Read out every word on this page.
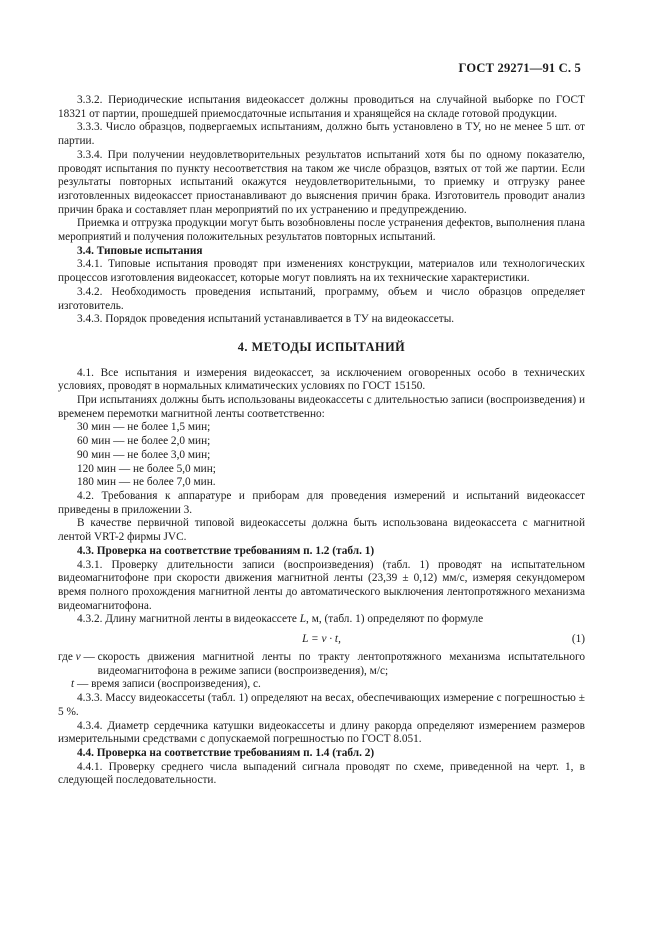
ГОСТ 29271—91 С. 5

3.3.2. Периодические испытания видеокассет должны проводиться на случайной выборке по ГОСТ 18321 от партии, прошедшей приемосдаточные испытания и хранящейся на складе готовой продукции.

3.3.3. Число образцов, подвергаемых испытаниям, должно быть установлено в ТУ, но не менее 5 шт. от партии.

3.3.4. При получении неудовлетворительных результатов испытаний хотя бы по одному показателю, проводят испытания по пункту несоответствия на таком же числе образцов, взятых от той же партии. Если результаты повторных испытаний окажутся неудовлетворительными, то приемку и отгрузку ранее изготовленных видеокассет приостанавливают до выяснения причин брака. Изготовитель проводит анализ причин брака и составляет план мероприятий по их устранению и предупреждению.

Приемка и отгрузка продукции могут быть возобновлены после устранения дефектов, выполнения плана мероприятий и получения положительных результатов повторных испытаний.

3.4. Типовые испытания

3.4.1. Типовые испытания проводят при изменениях конструкции, материалов или технологических процессов изготовления видеокассет, которые могут повлиять на их технические характеристики.

3.4.2. Необходимость проведения испытаний, программу, объем и число образцов определяет изготовитель.

3.4.3. Порядок проведения испытаний устанавливается в ТУ на видеокассеты.

4. МЕТОДЫ ИСПЫТАНИЙ

4.1. Все испытания и измерения видеокассет, за исключением оговоренных особо в технических условиях, проводят в нормальных климатических условиях по ГОСТ 15150.

При испытаниях должны быть использованы видеокассеты с длительностью записи (воспроизведения) и временем перемотки магнитной ленты соответственно:

30 мин — не более 1,5 мин;

60 мин — не более 2,0 мин;

90 мин — не более 3,0 мин;

120 мин — не более 5,0 мин;

180 мин — не более 7,0 мин.

4.2. Требования к аппаратуре и приборам для проведения измерений и испытаний видеокассет приведены в приложении 3.

В качестве первичной типовой видеокассеты должна быть использована видеокассета с магнитной лентой VRT-2 фирмы JVC.

4.3. Проверка на соответствие требованиям п. 1.2 (табл. 1)

4.3.1. Проверку длительности записи (воспроизведения) (табл. 1) проводят на испытательном видеомагнитофоне при скорости движения магнитной ленты (23,39 ± 0,12) мм/с, измеряя секундомером время полного прохождения магнитной ленты до автоматического выключения лентопротяжного механизма видеомагнитофона.

4.3.2. Длину магнитной ленты в видеокассете L, м, (табл. 1) определяют по формуле

L = v · t,	(1)
где v — скорость движения магнитной ленты по тракту лентопротяжного механизма испытательного видеомагнитофона в режиме записи (воспроизведения), м/с;
t — время записи (воспроизведения), с.

4.3.3. Массу видеокассеты (табл. 1) определяют на весах, обеспечивающих измерение с погрешностью ± 5 %.

4.3.4. Диаметр сердечника катушки видеокассеты и длину ракорда определяют измерением размеров измерительными средствами с допускаемой погрешностью по ГОСТ 8.051.

4.4. Проверка на соответствие требованиям п. 1.4 (табл. 2)

4.4.1. Проверку среднего числа выпадений сигнала проводят по схеме, приведенной на черт. 1, в следующей последовательности.
